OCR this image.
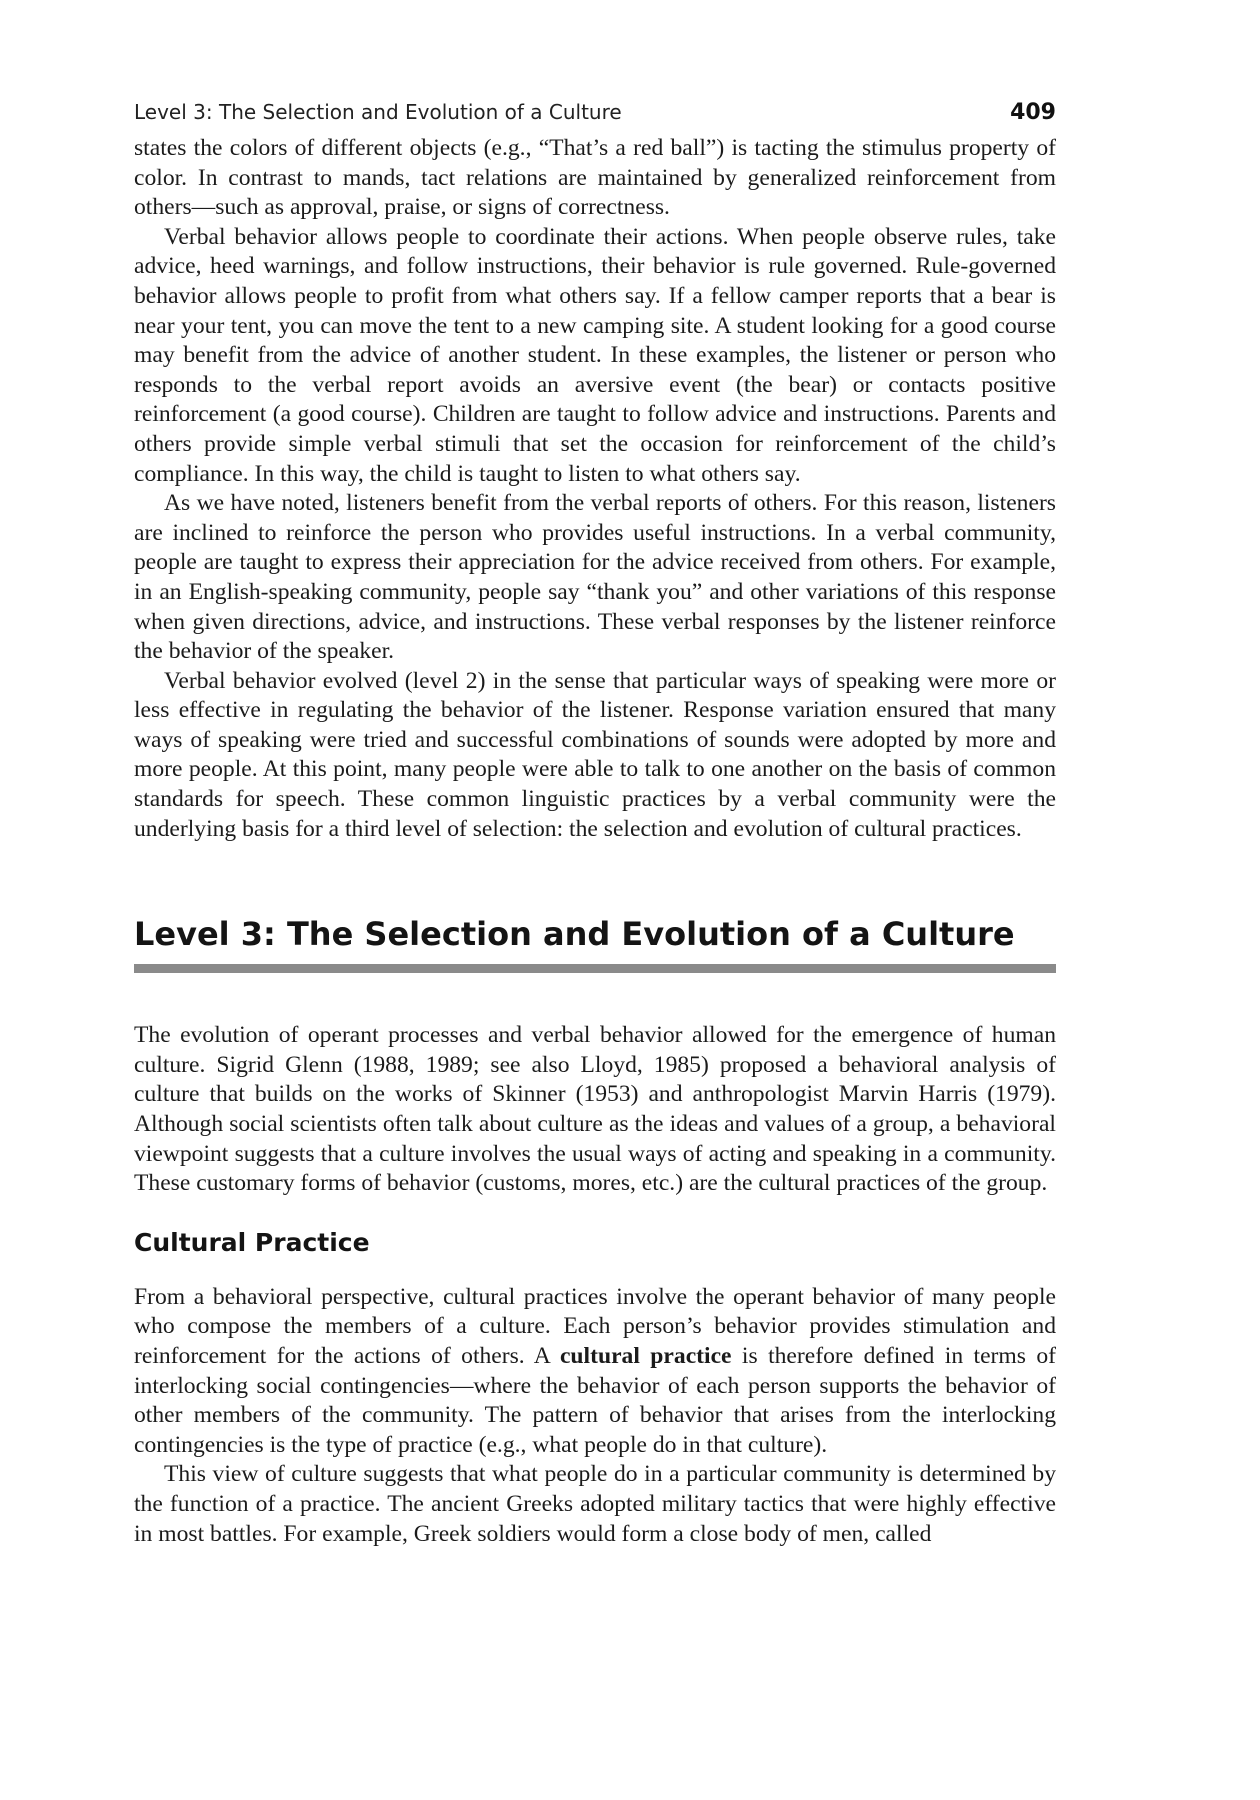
Level 3: The Selection and Evolution of a Culture	409

states the colors of different objects (e.g., “That’s a red ball”) is tacting the stimulus property of color. In contrast to mands, tact relations are maintained by generalized reinforcement from others—such as approval, praise, or signs of correctness.

Verbal behavior allows people to coordinate their actions. When people observe rules, take advice, heed warnings, and follow instructions, their behavior is rule governed. Rule-governed behavior allows people to profit from what others say. If a fellow camper reports that a bear is near your tent, you can move the tent to a new camping site. A student looking for a good course may benefit from the advice of another student. In these examples, the listener or person who responds to the verbal report avoids an aversive event (the bear) or contacts positive reinforcement (a good course). Children are taught to follow advice and instructions. Parents and others provide simple verbal stimuli that set the occasion for reinforcement of the child’s compliance. In this way, the child is taught to listen to what others say.

As we have noted, listeners benefit from the verbal reports of others. For this reason, listeners are inclined to reinforce the person who provides useful instructions. In a verbal community, people are taught to express their appreciation for the advice received from others. For example, in an English-speaking community, people say “thank you” and other variations of this response when given directions, advice, and instructions. These verbal responses by the listener reinforce the behavior of the speaker.

Verbal behavior evolved (level 2) in the sense that particular ways of speaking were more or less effective in regulating the behavior of the listener. Response variation ensured that many ways of speaking were tried and successful combinations of sounds were adopted by more and more people. At this point, many people were able to talk to one another on the basis of common standards for speech. These common linguistic practices by a verbal community were the underlying basis for a third level of selection: the selection and evolution of cultural practices.

Level 3: The Selection and Evolution of a Culture

The evolution of operant processes and verbal behavior allowed for the emergence of human culture. Sigrid Glenn (1988, 1989; see also Lloyd, 1985) proposed a behavioral analysis of culture that builds on the works of Skinner (1953) and anthropologist Marvin Harris (1979). Although social scientists often talk about culture as the ideas and values of a group, a behavioral viewpoint suggests that a culture involves the usual ways of acting and speaking in a community. These customary forms of behavior (customs, mores, etc.) are the cultural practices of the group.

Cultural Practice

From a behavioral perspective, cultural practices involve the operant behavior of many people who compose the members of a culture. Each person’s behavior provides stimulation and reinforcement for the actions of others. A cultural practice is therefore defined in terms of interlocking social contingencies—where the behavior of each person supports the behavior of other members of the community. The pattern of behavior that arises from the interlocking contingencies is the type of practice (e.g., what people do in that culture).

This view of culture suggests that what people do in a particular community is determined by the function of a practice. The ancient Greeks adopted military tactics that were highly effective in most battles. For example, Greek soldiers would form a close body of men, called
